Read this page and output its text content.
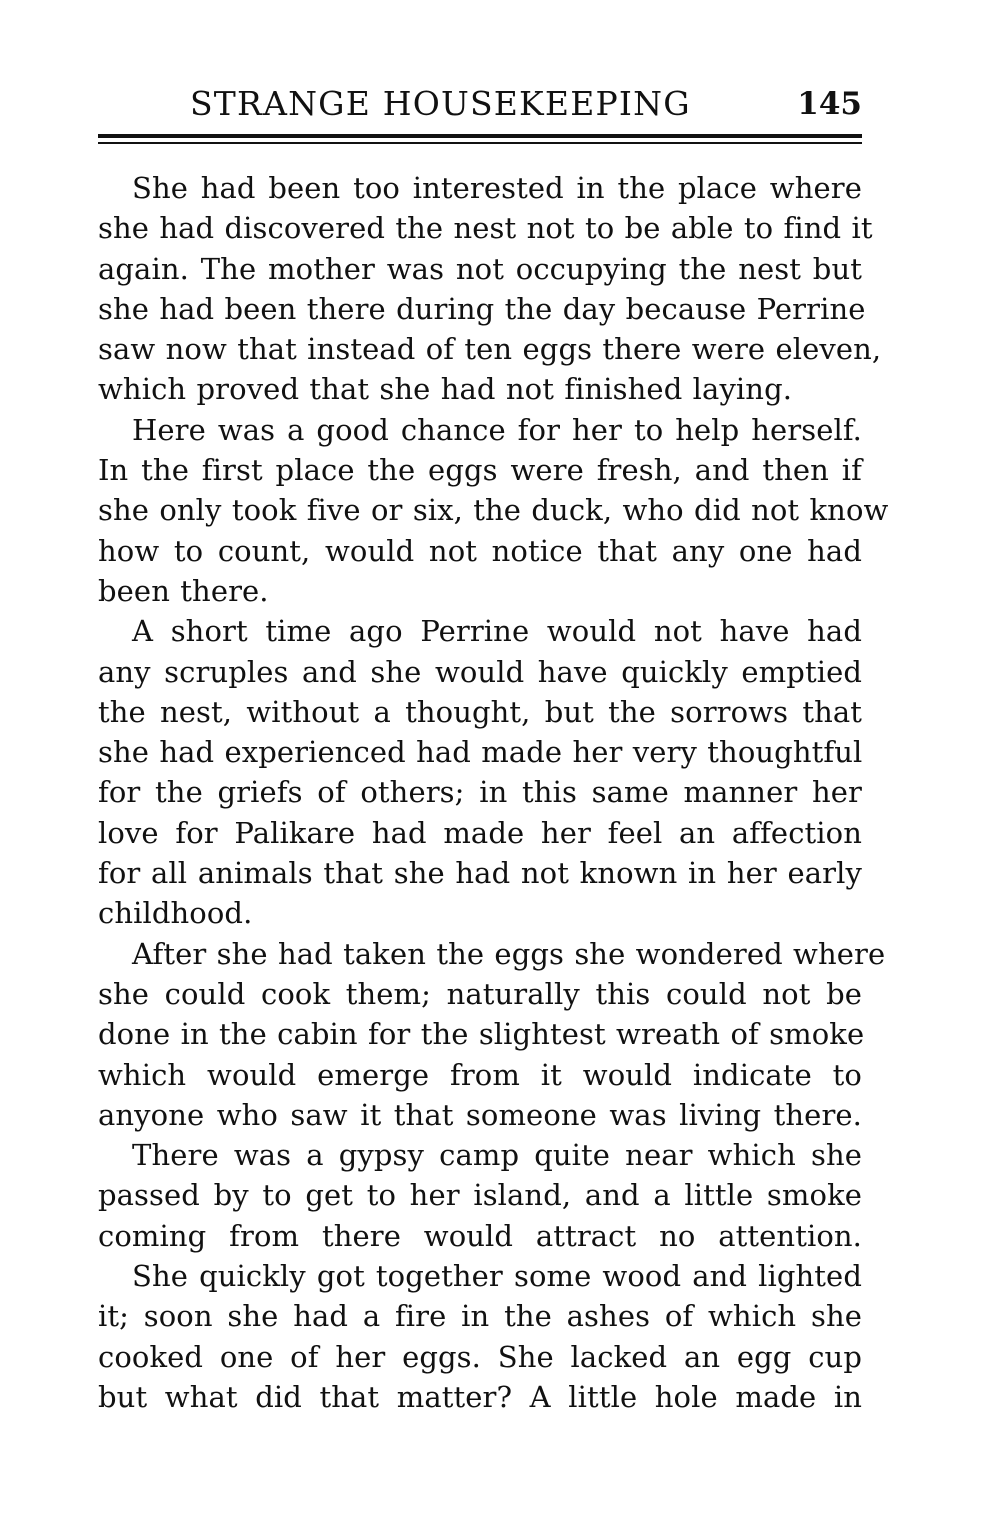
STRANGE HOUSEKEEPING	145

She had been too interested in the place where
she had discovered the nest not to be able to find it
again. The mother was not occupying the nest but
she had been there during the day because Perrine
saw now that instead of ten eggs there were eleven,
which proved that she had not finished laying.

Here was a good chance for her to help herself.
In the first place the eggs were fresh, and then if
she only took five or six, the duck, who did not know
how to count, would not notice that any one had
been there.

A short time ago Perrine would not have had
any scruples and she would have quickly emptied
the nest, without a thought, but the sorrows that
she had experienced had made her very thoughtful
for the griefs of others; in this same manner her
love for Palikare had made her feel an affection
for all animals that she had not known in her early
childhood.

After she had taken the eggs she wondered where
she could cook them; naturally this could not be
done in the cabin for the slightest wreath of smoke
which would emerge from it would indicate to
anyone who saw it that someone was living there.

There was a gypsy camp quite near which she
passed by to get to her island, and a little smoke
coming from there would attract no attention.

She quickly got together some wood and lighted
it; soon she had a fire in the ashes of which she
cooked one of her eggs. She lacked an egg cup
but what did that matter? A little hole made in
